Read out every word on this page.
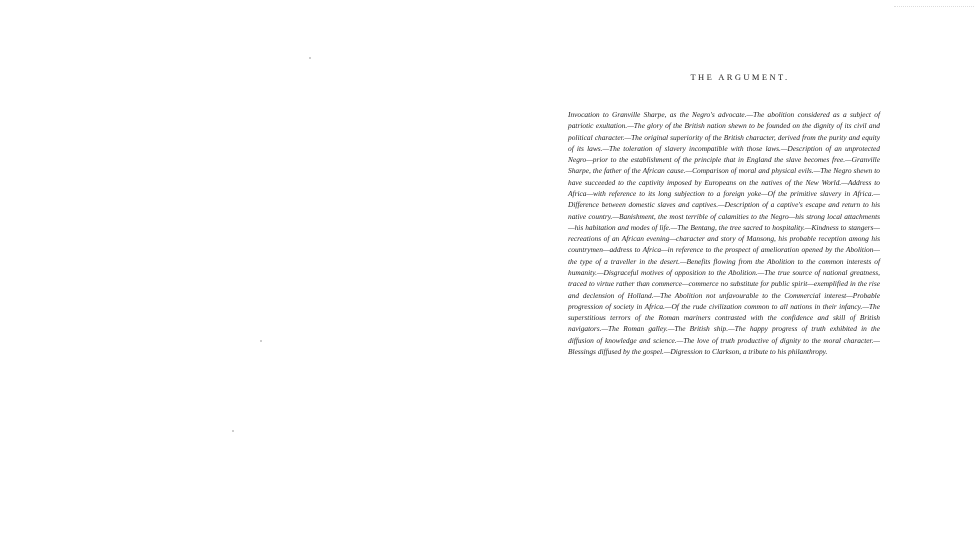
THE ARGUMENT.

Invocation to Granville Sharpe, as the Negro's advocate.—The abolition considered as a subject of patriotic exultation.—The glory of the British nation shewn to be founded on the dignity of its civil and political character.—The original superiority of the British character, derived from the purity and equity of its laws.—The toleration of slavery incompatible with those laws.—Description of an unprotected Negro—prior to the establishment of the principle that in England the slave becomes free.—Granville Sharpe, the father of the African cause.—Comparison of moral and physical evils.—The Negro shewn to have succeeded to the captivity imposed by Europeans on the natives of the New World.—Address to Africa—with reference to its long subjection to a foreign yoke—Of the primitive slavery in Africa.—Difference between domestic slaves and captives.—Description of a captive's escape and return to his native country.—Banishment, the most terrible of calamities to the Negro—his strong local attachments—his habitation and modes of life.—The Bentang, the tree sacred to hospitality.—Kindness to stangers—recreations of an African evening—character and story of Mansong, his probable reception among his countrymen—address to Africa—in reference to the prospect of amelioration opened by the Abolition—the type of a traveller in the desert.—Benefits flowing from the Abolition to the common interests of humanity.—Disgraceful motives of opposition to the Abolition.—The true source of national greatness, traced to virtue rather than commerce—commerce no substitute for public spirit—exemplified in the rise and declension of Holland.—The Abolition not unfavourable to the Commercial interest—Probable progression of society in Africa.—Of the rude civilization common to all nations in their infancy.—The superstitious terrors of the Roman mariners contrasted with the confidence and skill of British navigators.—The Roman galley.—The British ship.—The happy progress of truth exhibited in the diffusion of knowledge and science.—The love of truth productive of dignity to the moral character.—Blessings diffused by the gospel.—Digression to Clarkson, a tribute to his philanthropy.
